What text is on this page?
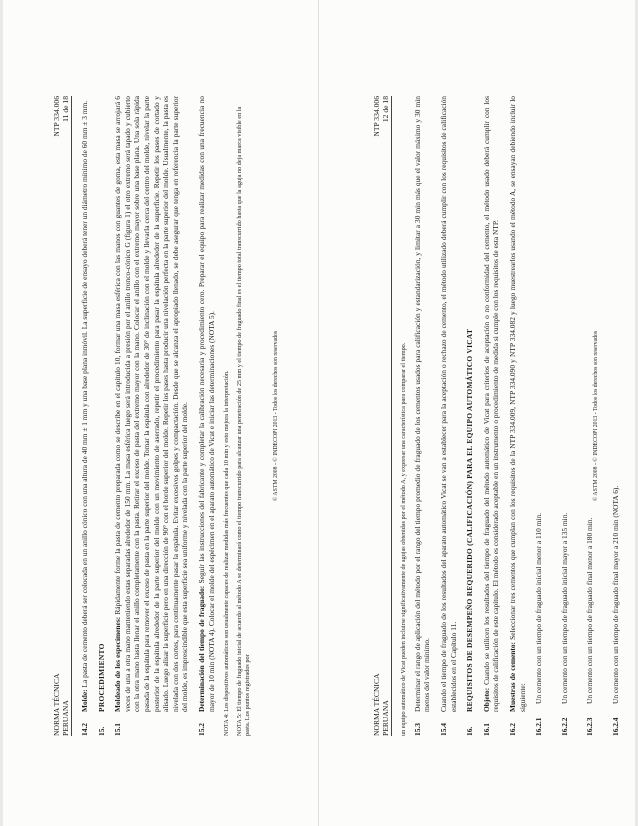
NORMA TÉCNICA PERUANA
NTP 334.006 11 de 18
14.2
Molde: La pasta de cemento deberá ser colocada en un anillo cónico con una altura de 40 mm ± 1 mm y una base plana inmóvil. La superficie de ensayo deberá tener un diámetro mínimo de 60 mm ± 3 mm.
15.
PROCEDIMIENTO
15.1
Moldeado de los especímenes: Rápidamente forme la pasta de cemento preparada como se describe en el capítulo 10, formar una masa esférica con las manos con guantes de goma, esta masa se arrojará 6 veces de una a otra mano manteniendo estas separadas alrededor de 150 mm. La masa esférica luego será introducida a presión por el anillo tronco-cónico G (figura 1) el otro extremo será tapado y cubierto con la otra mano hasta llenar el anillo completamente con la pasta. Retirar el exceso de pasta del extremo mayor con la mano. Colocar el anillo con el extremo mayor sobre una base plana. Una sola rápida pasada de la espátula para remover el exceso de pasta en la parte superior del molde. Tomar la espátula con alrededor de 30° de inclinación con el molde y llevarla cerca del centro del molde, nivelar la parte posterior de la espátula alrededor de la parte superior del molde con un movimiento de aserrado, repetir el procedimiento para pasar la espátula alrededor de la superficie. Repetir los pases de cortado y alisado. Luego alisar la superficie pero en una dirección de 90° con el borde superior del molde. Repetir los pases hasta producir una nivelación perfecta en la parte superior del molde. Usualmente, la pasta es nivelada con dos cortes, para continuamente pasar la espátula. Evitar excesivos golpes y compactación. Desde que se alcanza el apropiado llenado, se debe asegurar que tenga en referencia la parte superior del molde, es imprescindible que esta superficie sea uniforme y nivelada con la parte superior del molde.
15.2
Determinación del tiempo de fraguado: Seguir las instrucciones del fabricante y completar la calibración necesaria y procedimiento cero. Preparar el equipo para realizar medidas con una frecuencia no mayor de 10 min (NOTA 4). Colocar el molde del espécimen en el aparato automático de Vicat e iniciar las determinaciones (NOTA 5). NOTA 4: Los dispositivos automáticos son usualmente capaces de realizar medidas más frecuentes que cada 10 min y esto mejora la interpretación. NOTA 5: El tiempo de fraguado inicial de acuerdo al método A se determinará como el tiempo transcurrido para alcanzar una penetración de 25 mm y el tiempo de fraguado final es el tiempo total transcurrido hasta que la aguja no deja marca visible en la pasta. Los puntos registrados por
© ASTM 2008 - © INDECOPI 2013 - Todos los derechos son reservados
NORMA TÉCNICA PERUANA
NTP 334.006 12 de 18
un equipo automático de Vicat pueden incluirse significativamente de agujas obtenidas por el método A, y expresar una característica para comparar el tiempo. 15.3
Determinar el rango de aplicación del método por el rango del tiempo promedio de fraguado de los cementos usados para calificación y estandarización, y limitar a 30 min más que el valor máximo y 30 min menos del valor mínimo.
15.4
Cuando el tiempo de fraguado de los resultados del aparato automático Vicat se van a establecer para la aceptación o rechazo de cemento, el método utilizado deberá cumplir con los requisitos de calificación establecidos en el Capítulo 11.
16.
REQUISITOS DE DESEMPEÑO REQUERIDO (CALIFICACIÓN) PARA EL EQUIPO AUTOMÁTICO VICAT
16.1
Objeto: Cuando se utilicen los resultados del tiempo de fraguado del método automático de Vicat para criterios de aceptación o no conformidad del cemento, el método usado deberá cumplir con los requisitos de calificación de este capítulo. El método es considerado aceptable en un instrumento o procedimiento de medida si cumple con los requisitos de esta NTP.
16.2
Muestras de cemento: Seleccionar tres cementos que cumplan con los requisitos de la NTP 334.009, NTP 334.090 y NTP 334.082 y luego muestrearlos usando el método A, se ensayan debiendo incluir lo siguiente:
16.2.1
Un cemento con un tiempo de fraguado inicial menor a 110 min.
16.2.2
Un cemento con un tiempo de fraguado inicial mayor a 135 min.
16.2.3
Un cemento con un tiempo de fraguado final menor a 180 min.
16.2.4
Un cemento con un tiempo de fraguado final mayor a 210 min (NOTA 6).
© ASTM 2008 - © INDECOPI 2013 - Todos los derechos son reservados
